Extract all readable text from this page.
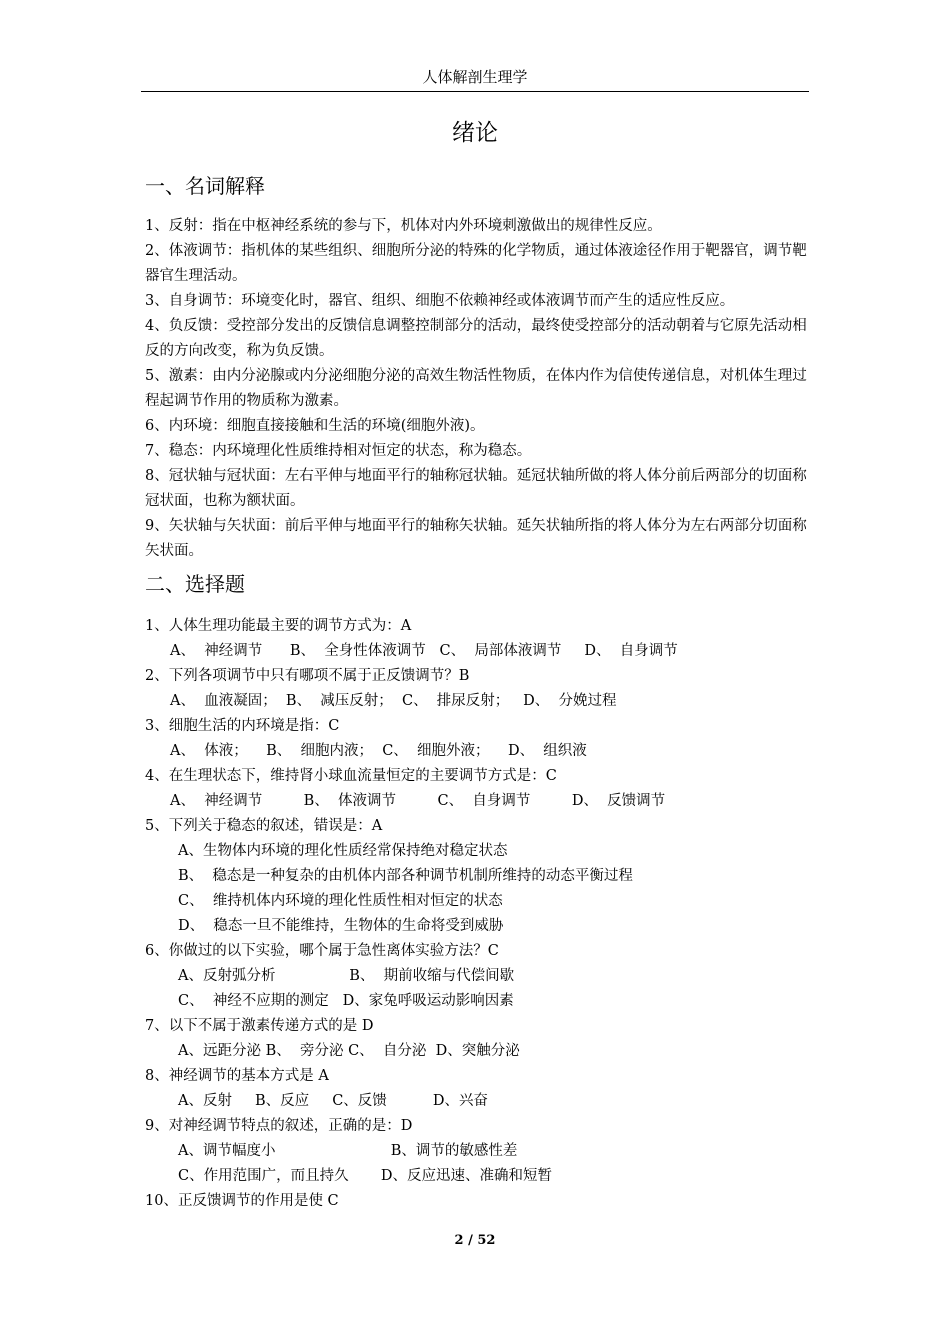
人体解剖生理学
绪论
一、名词解释

1、反射：指在中枢神经系统的参与下，机体对内外环境刺激做出的规律性反应。

2、体液调节：指机体的某些组织、细胞所分泌的特殊的化学物质，通过体液途径作用于靶器官，调节靶器官生理活动。

3、自身调节：环境变化时，器官、组织、细胞不依赖神经或体液调节而产生的适应性反应。

4、负反馈：受控部分发出的反馈信息调整控制部分的活动，最终使受控部分的活动朝着与它原先活动相反的方向改变，称为负反馈。

5、激素：由内分泌腺或内分泌细胞分泌的高效生物活性物质，在体内作为信使传递信息，对机体生理过程起调节作用的物质称为激素。

6、内环境：细胞直接接触和生活的环境(细胞外液)。

7、稳态：内环境理化性质维持相对恒定的状态，称为稳态。

8、冠状轴与冠状面：左右平伸与地面平行的轴称冠状轴。延冠状轴所做的将人体分前后两部分的切面称冠状面，也称为额状面。

9、矢状轴与矢状面：前后平伸与地面平行的轴称矢状轴。延矢状轴所指的将人体分为左右两部分切面称矢状面。

二、选择题

1、人体生理功能最主要的调节方式为：A

A、  神经调节      B、  全身性体液调节   C、  局部体液调节     D、  自身调节

2、下列各项调节中只有哪项不属于正反馈调节？B

A、  血液凝固；  B、  减压反射；  C、  排尿反射；   D、  分娩过程

3、细胞生活的内环境是指：C

A、  体液；    B、  细胞内液；  C、  细胞外液；    D、  组织液

4、在生理状态下，维持肾小球血流量恒定的主要调节方式是：C

A、  神经调节         B、  体液调节         C、  自身调节         D、  反馈调节

5、下列关于稳态的叙述，错误是：A

A、生物体内环境的理化性质经常保持绝对稳定状态

B、  稳态是一种复杂的由机体内部各种调节机制所维持的动态平衡过程

C、  维持机体内环境的理化性质性相对恒定的状态

D、  稳态一旦不能维持，生物体的生命将受到威胁

6、你做过的以下实验，哪个属于急性离体实验方法？C

A、反射弧分析                B、  期前收缩与代偿间歇

C、  神经不应期的测定   D、家兔呼吸运动影响因素

7、以下不属于激素传递方式的是 D

A、远距分泌 B、  旁分泌 C、  自分泌  D、突触分泌

8、神经调节的基本方式是 A

A、反射     B、反应     C、反馈          D、兴奋

9、对神经调节特点的叙述，正确的是：D

A、调节幅度小                         B、调节的敏感性差

C、作用范围广，而且持久       D、反应迅速、准确和短暂

10、正反馈调节的作用是使 C

2 / 52
